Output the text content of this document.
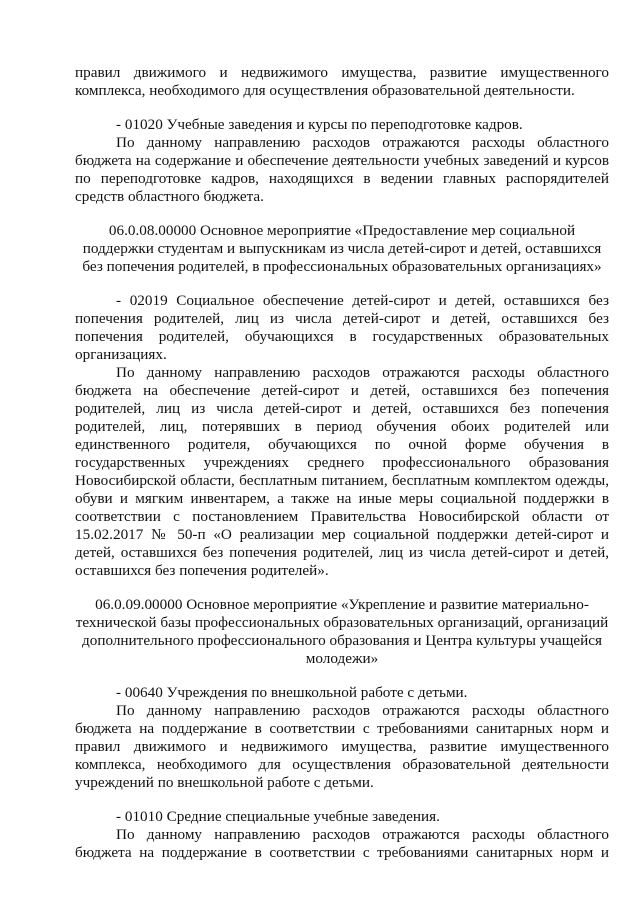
правил движимого и недвижимого имущества, развитие имущественного
комплекса, необходимого для осуществления образовательной деятельности.
- 01020 Учебные заведения и курсы по переподготовке кадров.
По данному направлению расходов отражаются расходы областного
бюджета на содержание и обеспечение деятельности учебных заведений и курсов
по переподготовке кадров, находящихся в ведении главных распорядителей
средств областного бюджета.
06.0.08.00000 Основное мероприятие «Предоставление мер социальной
поддержки студентам и выпускникам из числа детей-сирот и детей, оставшихся
без попечения родителей, в профессиональных образовательных организациях»
- 02019 Социальное обеспечение детей-сирот и детей, оставшихся без
попечения родителей, лиц из числа детей-сирот и детей, оставшихся без
попечения родителей, обучающихся в государственных образовательных
организациях.
По данному направлению расходов отражаются расходы областного
бюджета на обеспечение детей-сирот и детей, оставшихся без попечения
родителей, лиц из числа детей-сирот и детей, оставшихся без попечения
родителей, лиц, потерявших в период обучения обоих родителей или
единственного родителя, обучающихся по очной форме обучения в
государственных учреждениях среднего профессионального образования
Новосибирской области, бесплатным питанием, бесплатным комплектом одежды,
обуви и мягким инвентарем, а также на иные меры социальной поддержки в
соответствии с постановлением Правительства Новосибирской области от
15.02.2017 № 50-п «О реализации мер социальной поддержки детей-сирот и
детей, оставшихся без попечения родителей, лиц из числа детей-сирот и детей,
оставшихся без попечения родителей».
06.0.09.00000 Основное мероприятие «Укрепление и развитие материально-
технической базы профессиональных образовательных организаций, организаций
дополнительного профессионального образования и Центра культуры учащейся
молодежи»
- 00640 Учреждения по внешкольной работе с детьми.
По данному направлению расходов отражаются расходы областного
бюджета на поддержание в соответствии с требованиями санитарных норм и
правил движимого и недвижимого имущества, развитие имущественного
комплекса, необходимого для осуществления образовательной деятельности
учреждений по внешкольной работе с детьми.
- 01010 Средние специальные учебные заведения.
По данному направлению расходов отражаются расходы областного
бюджета на поддержание в соответствии с требованиями санитарных норм и
